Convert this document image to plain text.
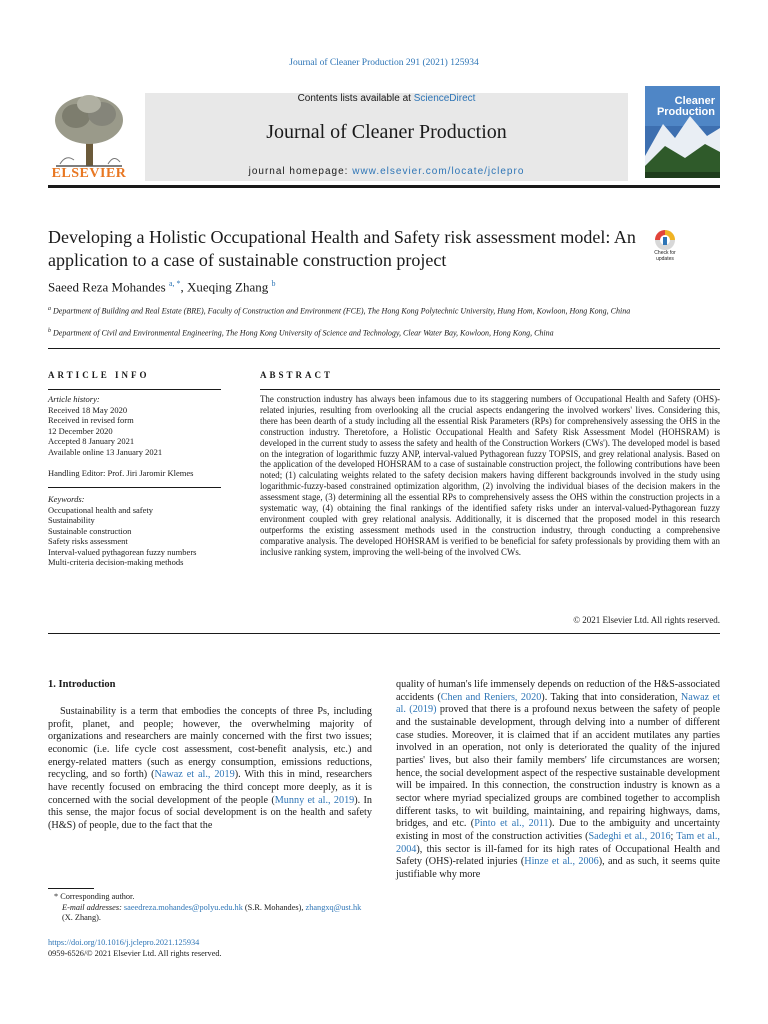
Journal of Cleaner Production 291 (2021) 125934
ELSEVIER
Contents lists available at ScienceDirect
Journal of Cleaner Production
journal homepage: www.elsevier.com/locate/jclepro
Cleaner
Production
Developing a Holistic Occupational Health and Safety risk assessment model: An application to a case of sustainable construction project	Check for updates
Saeed Reza Mohandes $^{a, *}$, Xueqing Zhang $^b$
$^a$ Department of Building and Real Estate (BRE), Faculty of Construction and Environment (FCE), The Hong Kong Polytechnic University, Hung Hom, Kowloon, Hong Kong, China
$^b$ Department of Civil and Environmental Engineering, The Hong Kong University of Science and Technology, Clear Water Bay, Kowloon, Hong Kong, China
ARTICLE INFO	ABSTRACT
Article history:
Received 18 May 2020
Received in revised form
12 December 2020
Accepted 8 January 2021
Available online 13 January 2021
Handling Editor: Prof. Jiri Jaromir Klemes
Keywords:
Occupational health and safety
Sustainability
Sustainable construction
Safety risks assessment
Interval-valued pythagorean fuzzy numbers
Multi-criteria decision-making methods
The construction industry has always been infamous due to its staggering numbers of Occupational Health and Safety (OHS)-related injuries, resulting from overlooking all the crucial aspects endangering the involved workers' lives. Considering this, there has been dearth of a study including all the essential Risk Parameters (RPs) for comprehensively assessing the OHS in the construction industry. Theretofore, a Holistic Occupational Health and Safety Risk Assessment Model (HOHSRAM) is developed in the current study to assess the safety and health of the Construction Workers (CWs'). The developed model is based on the integration of logarithmic fuzzy ANP, interval-valued Pythagorean fuzzy TOPSIS, and grey relational analysis. Based on the application of the developed HOHSRAM to a case of sustainable construction project, the following contributions have been noted; (1) calculating weights related to the safety decision makers having different backgrounds involved in the study using logarithmic-fuzzy-based constrained optimization algorithm, (2) involving the individual biases of the decision makers in the assessment stage, (3) determining all the essential RPs to comprehensively assess the OHS within the construction projects in a systematic way, (4) obtaining the final rankings of the identified safety risks under an interval-valued-Pythagorean fuzzy environment coupled with grey relational analysis. Additionally, it is discerned that the proposed model in this research outperforms the existing assessment methods used in the construction industry, through conducting a comprehensive comparative analysis. The developed HOHSRAM is verified to be beneficial for safety professionals by providing them with an inclusive ranking system, improving the well-being of the involved CWs.
© 2021 Elsevier Ltd. All rights reserved.
1. Introduction
Sustainability is a term that embodies the concepts of three Ps, including profit, planet, and people; however, the overwhelming majority of organizations and researchers are mainly concerned with the first two issues; economic (i.e. life cycle cost assessment, cost-benefit analysis, etc.) and energy-related matters (such as energy consumption, emissions reductions, recycling, and so forth) (Nawaz et al., 2019). With this in mind, researchers have recently focused on embracing the third concept more deeply, as it is concerned with the social development of the people (Munny et al., 2019). In this sense, the major focus of social development is on the health and safety (H&S) of people, due to the fact that the
quality of human's life immensely depends on reduction of the H&S-associated accidents (Chen and Reniers, 2020). Taking that into consideration, Nawaz et al. (2019) proved that there is a profound nexus between the safety of people and the sustainable development, through delving into a number of different case studies. Moreover, it is claimed that if an accident mutilates any parties involved in an operation, not only is deteriorated the quality of the injured parties' lives, but also their family members' life circumstances are worsen; hence, the social development aspect of the respective sustainable development will be impaired. In this connection, the construction industry is known as a sector where myriad specialized groups are combined together to accomplish different tasks, to wit building, maintaining, and repairing highways, dams, bridges, and etc. (Pinto et al., 2011). Due to the ambiguity and uncertainty existing in most of the construction activities (Sadeghi et al., 2016; Tam et al., 2004), this sector is ill-famed for its high rates of Occupational Health and Safety (OHS)-related injuries (Hinze et al., 2006), and as such, it seems quite justifiable why more
* Corresponding author.
E-mail addresses: saeedreza.mohandes@polyu.edu.hk (S.R. Mohandes), zhangxq@ust.hk (X. Zhang).
https://doi.org/10.1016/j.jclepro.2021.125934
0959-6526/© 2021 Elsevier Ltd. All rights reserved.
